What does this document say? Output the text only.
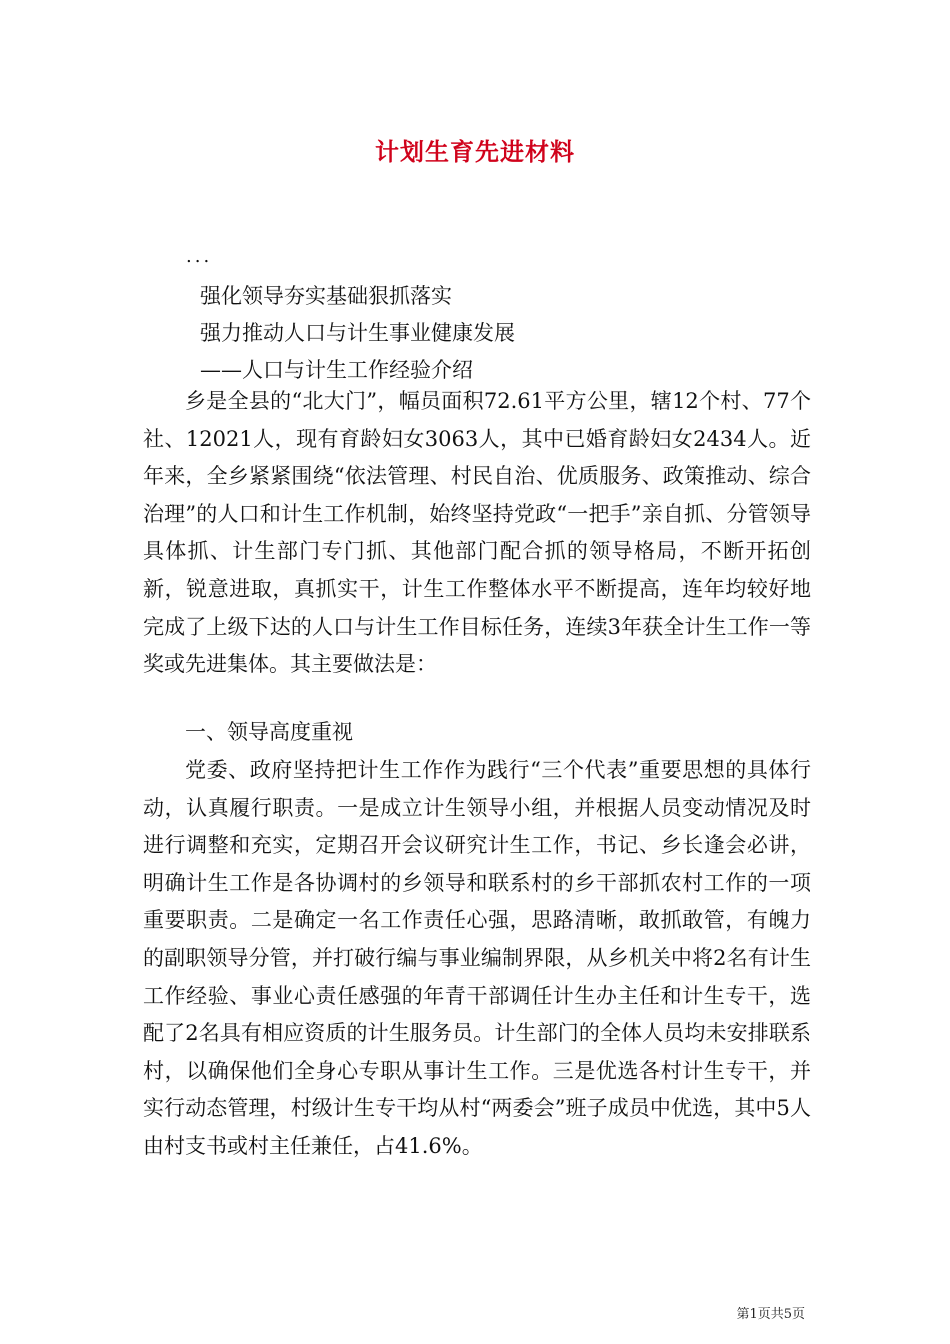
计划生育先进材料
...
强化领导夯实基础狠抓落实
强力推动人口与计生事业健康发展
——人口与计生工作经验介绍

乡是全县的“北大门”，幅员面积72.61平方公里，辖12个村、77个社、12021人，现有育龄妇女3063人，其中已婚育龄妇女2434人。近年来，全乡紧紧围绕“依法管理、村民自治、优质服务、政策推动、综合治理”的人口和计生工作机制，始终坚持党政“一把手”亲自抓、分管领导具体抓、计生部门专门抓、其他部门配合抓的领导格局，不断开拓创新，锐意进取，真抓实干，计生工作整体水平不断提高，连年均较好地完成了上级下达的人口与计生工作目标任务，连续3年获全计生工作一等奖或先进集体。其主要做法是：

一、领导高度重视

党委、政府坚持把计生工作作为践行“三个代表”重要思想的具体行动，认真履行职责。一是成立计生领导小组，并根据人员变动情况及时进行调整和充实，定期召开会议研究计生工作，书记、乡长逢会必讲，明确计生工作是各协调村的乡领导和联系村的乡干部抓农村工作的一项重要职责。二是确定一名工作责任心强，思路清晰，敢抓敢管，有魄力的副职领导分管，并打破行编与事业编制界限，从乡机关中将2名有计生工作经验、事业心责任感强的年青干部调任计生办主任和计生专干，选配了2名具有相应资质的计生服务员。计生部门的全体人员均未安排联系村，以确保他们全身心专职从事计生工作。三是优选各村计生专干，并实行动态管理，村级计生专干均从村“两委会”班子成员中优选，其中5人由村支书或村主任兼任，占41.6%。

第1页共5页
